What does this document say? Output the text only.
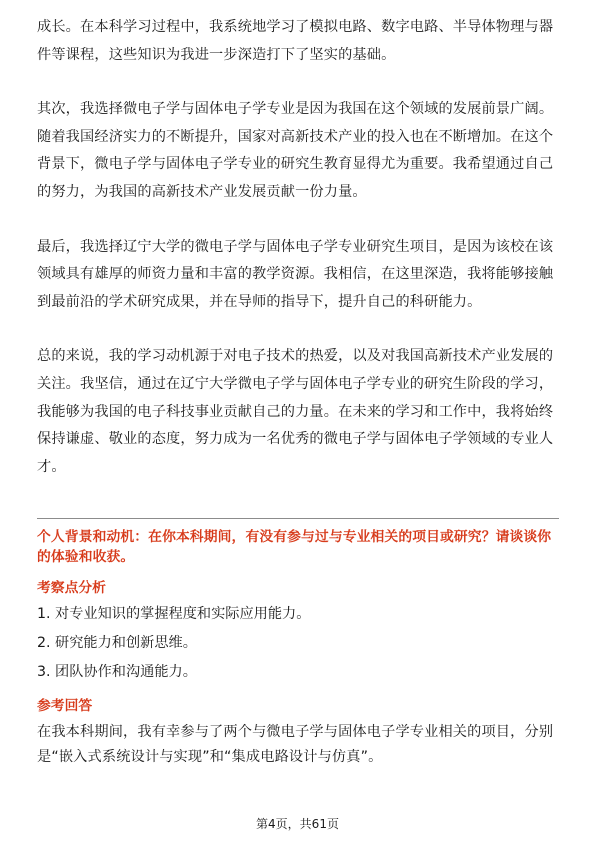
成长。在本科学习过程中，我系统地学习了模拟电路、数字电路、半导体物理与器件等课程，这些知识为我进一步深造打下了坚实的基础。

其次，我选择微电子学与固体电子学专业是因为我国在这个领域的发展前景广阔。随着我国经济实力的不断提升，国家对高新技术产业的投入也在不断增加。在这个背景下，微电子学与固体电子学专业的研究生教育显得尤为重要。我希望通过自己的努力，为我国的高新技术产业发展贡献一份力量。

最后，我选择辽宁大学的微电子学与固体电子学专业研究生项目，是因为该校在该领域具有雄厚的师资力量和丰富的教学资源。我相信，在这里深造，我将能够接触到最前沿的学术研究成果，并在导师的指导下，提升自己的科研能力。

总的来说，我的学习动机源于对电子技术的热爱，以及对我国高新技术产业发展的关注。我坚信，通过在辽宁大学微电子学与固体电子学专业的研究生阶段的学习，我能够为我国的电子科技事业贡献自己的力量。在未来的学习和工作中，我将始终保持谦虚、敬业的态度，努力成为一名优秀的微电子学与固体电子学领域的专业人才。

个人背景和动机：在你本科期间，有没有参与过与专业相关的项目或研究？请谈谈你的体验和收获。

考察点分析

1. 对专业知识的掌握程度和实际应用能力。

2. 研究能力和创新思维。

3. 团队协作和沟通能力。

参考回答

在我本科期间，我有幸参与了两个与微电子学与固体电子学专业相关的项目，分别是“嵌入式系统设计与实现”和“集成电路设计与仿真”。

第4页，共61页
